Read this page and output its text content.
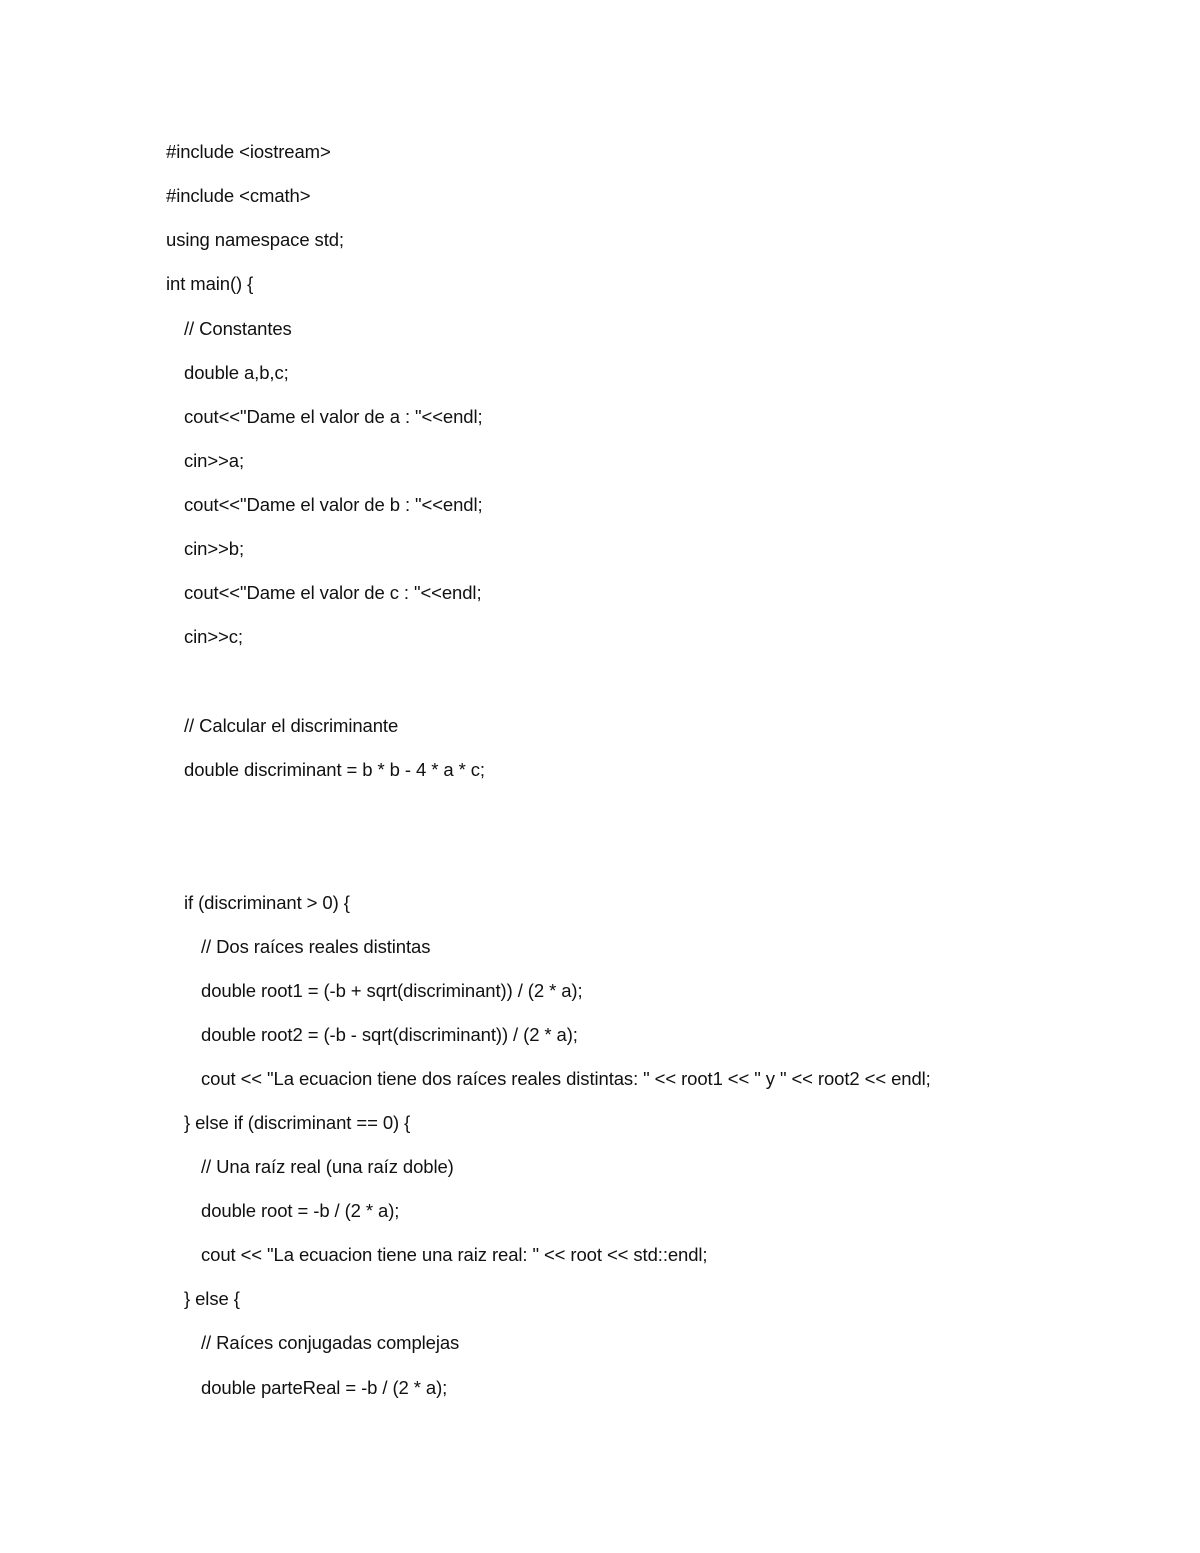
#include <iostream>
#include <cmath>
using namespace std;
int main() {
// Constantes
double a,b,c;
cout<<"Dame el valor de a : "<<endl;
cin>>a;
cout<<"Dame el valor de b : "<<endl;
cin>>b;
cout<<"Dame el valor de c : "<<endl;
cin>>c;
// Calcular el discriminante
double discriminant = b * b - 4 * a * c;
if (discriminant > 0) {
// Dos raíces reales distintas
double root1 = (-b + sqrt(discriminant)) / (2 * a);
double root2 = (-b - sqrt(discriminant)) / (2 * a);
cout << "La ecuacion tiene dos raíces reales distintas: " << root1 << " y " << root2 << endl;
} else if (discriminant == 0) {
// Una raíz real (una raíz doble)
double root = -b / (2 * a);
cout << "La ecuacion tiene una raiz real: " << root << std::endl;
} else {
// Raíces conjugadas complejas
double parteReal = -b / (2 * a);
